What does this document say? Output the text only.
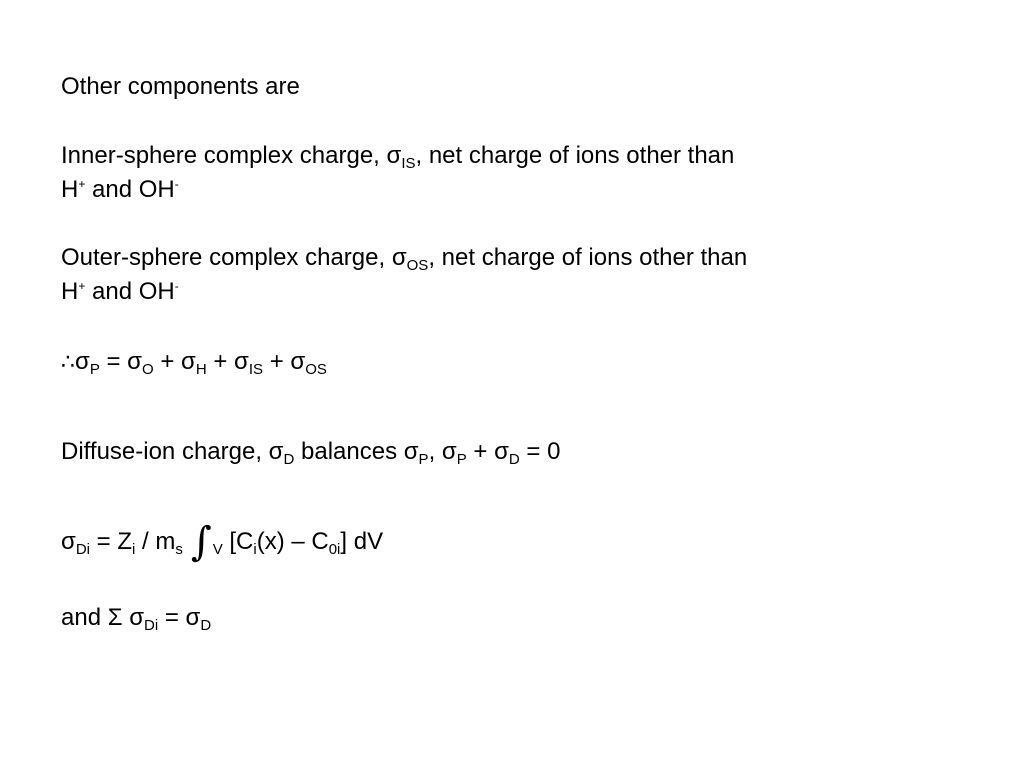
Other components are
Inner-sphere complex charge, $\sigma_{IS}$, net charge of ions other than
H+ and OH-
Outer-sphere complex charge, $\sigma_{OS}$, net charge of ions other than
H+ and OH-
$\therefore\sigma_P = \sigma_O + \sigma_H + \sigma_{IS} + \sigma_{OS}$
Diffuse-ion charge, $\sigma_D$ balances $\sigma_P$, $\sigma_P + \sigma_D = 0$
$\sigma_{Di} = Z_i / m_s$ $\int_V$ $[C_i(x) - C_{0i}]$ dV
and Σ $\sigma_{Di} = \sigma_D$
